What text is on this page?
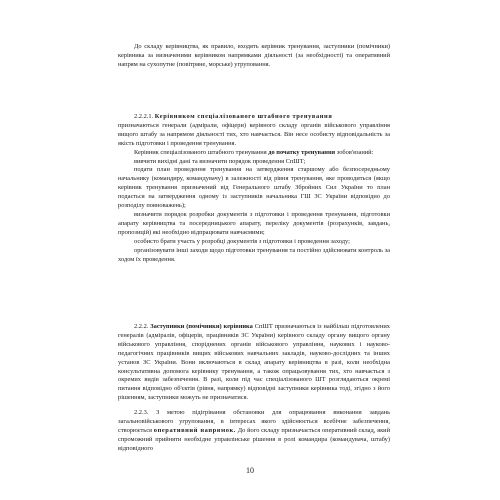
До складу керівництва, як правило, входять керівник тренування, заступники (помічники) керівника за визначеними керівником напрямками діяльності (за необхідності) та оперативний напрям на сухопутне (повітряне, морське) угруповання.

2.2.2.1. Керівником спеціалізованого штабного тренування

призначаються генерали (адмірали, офіцери) керівного складу органів військового управління вищого штабу за напрямом діяльності тих, хто навчається. Він несе особисту відповідальність за якість підготовки і проведення тренування.

Керівник спеціалізованого штабного тренування до початку тренування зобов'язаний:

вивчити вихідні дані та визначити порядок проведення СпШТ;

подати план проведення тренування на затвердження старшому або безпосередньому начальнику (командиру, командувачу) в залежності від рівня тренування, яке проводиться (якщо керівник тренування призначений від Генерального штабу Збройних Сил України то план подається на затвердження одному із заступників начальника ГШ ЗС України відповідно до розподілу повноважень);

визначити порядок розробки документів з підготовки і проведення тренування, підготовки апарату керівництва та посередницького апарату, переліку документів (розрахунків, завдань, пропозицій) які необхідно відпрацювати навчаємими;

особисто брати участь у розробці документів з підготовки і проведення заходу;

організовувати інші заходи щодо підготовки тренування та постійно здійснювати контроль за ходом їх проведення.

2.2.2. Заступники (помічники) керівника СпШТ призначаються із найбільш підготовлених генералів (адміралів, офіцерів, працівників ЗС України) керівного складу органу вищого органу військового управління, споріднених органів військового управління, наукових і науково-педагогічних працівників вищих військових навчальних закладів, науково-дослідних та інших установ ЗС України. Вони включаються в склад апарату керівництва в разі, коли необхідна консультативна допомога керівнику тренування, а також опрацьовування тих, хто навчається з окремих видів забезпечення. В разі, коли під час спеціалізованого ШТ розглядаються окремі питання відповідно об'єктів (рівня, напрямку) відповідні заступники керівника тоді, згідно з його рішенням, заступники можуть не призначатися.

2.2.3. З метою підігрівання обстановки для опрацювання виконання завдань загальновійськового угруповання, в інтересах якого здійснюється всебічне забезпечення, створюється оперативний напрямок. До його складу призначається оперативний склад, який спроможний прийняти необхідне управлінське рішення в ролі командира (командувача, штабу) відповідного

10
